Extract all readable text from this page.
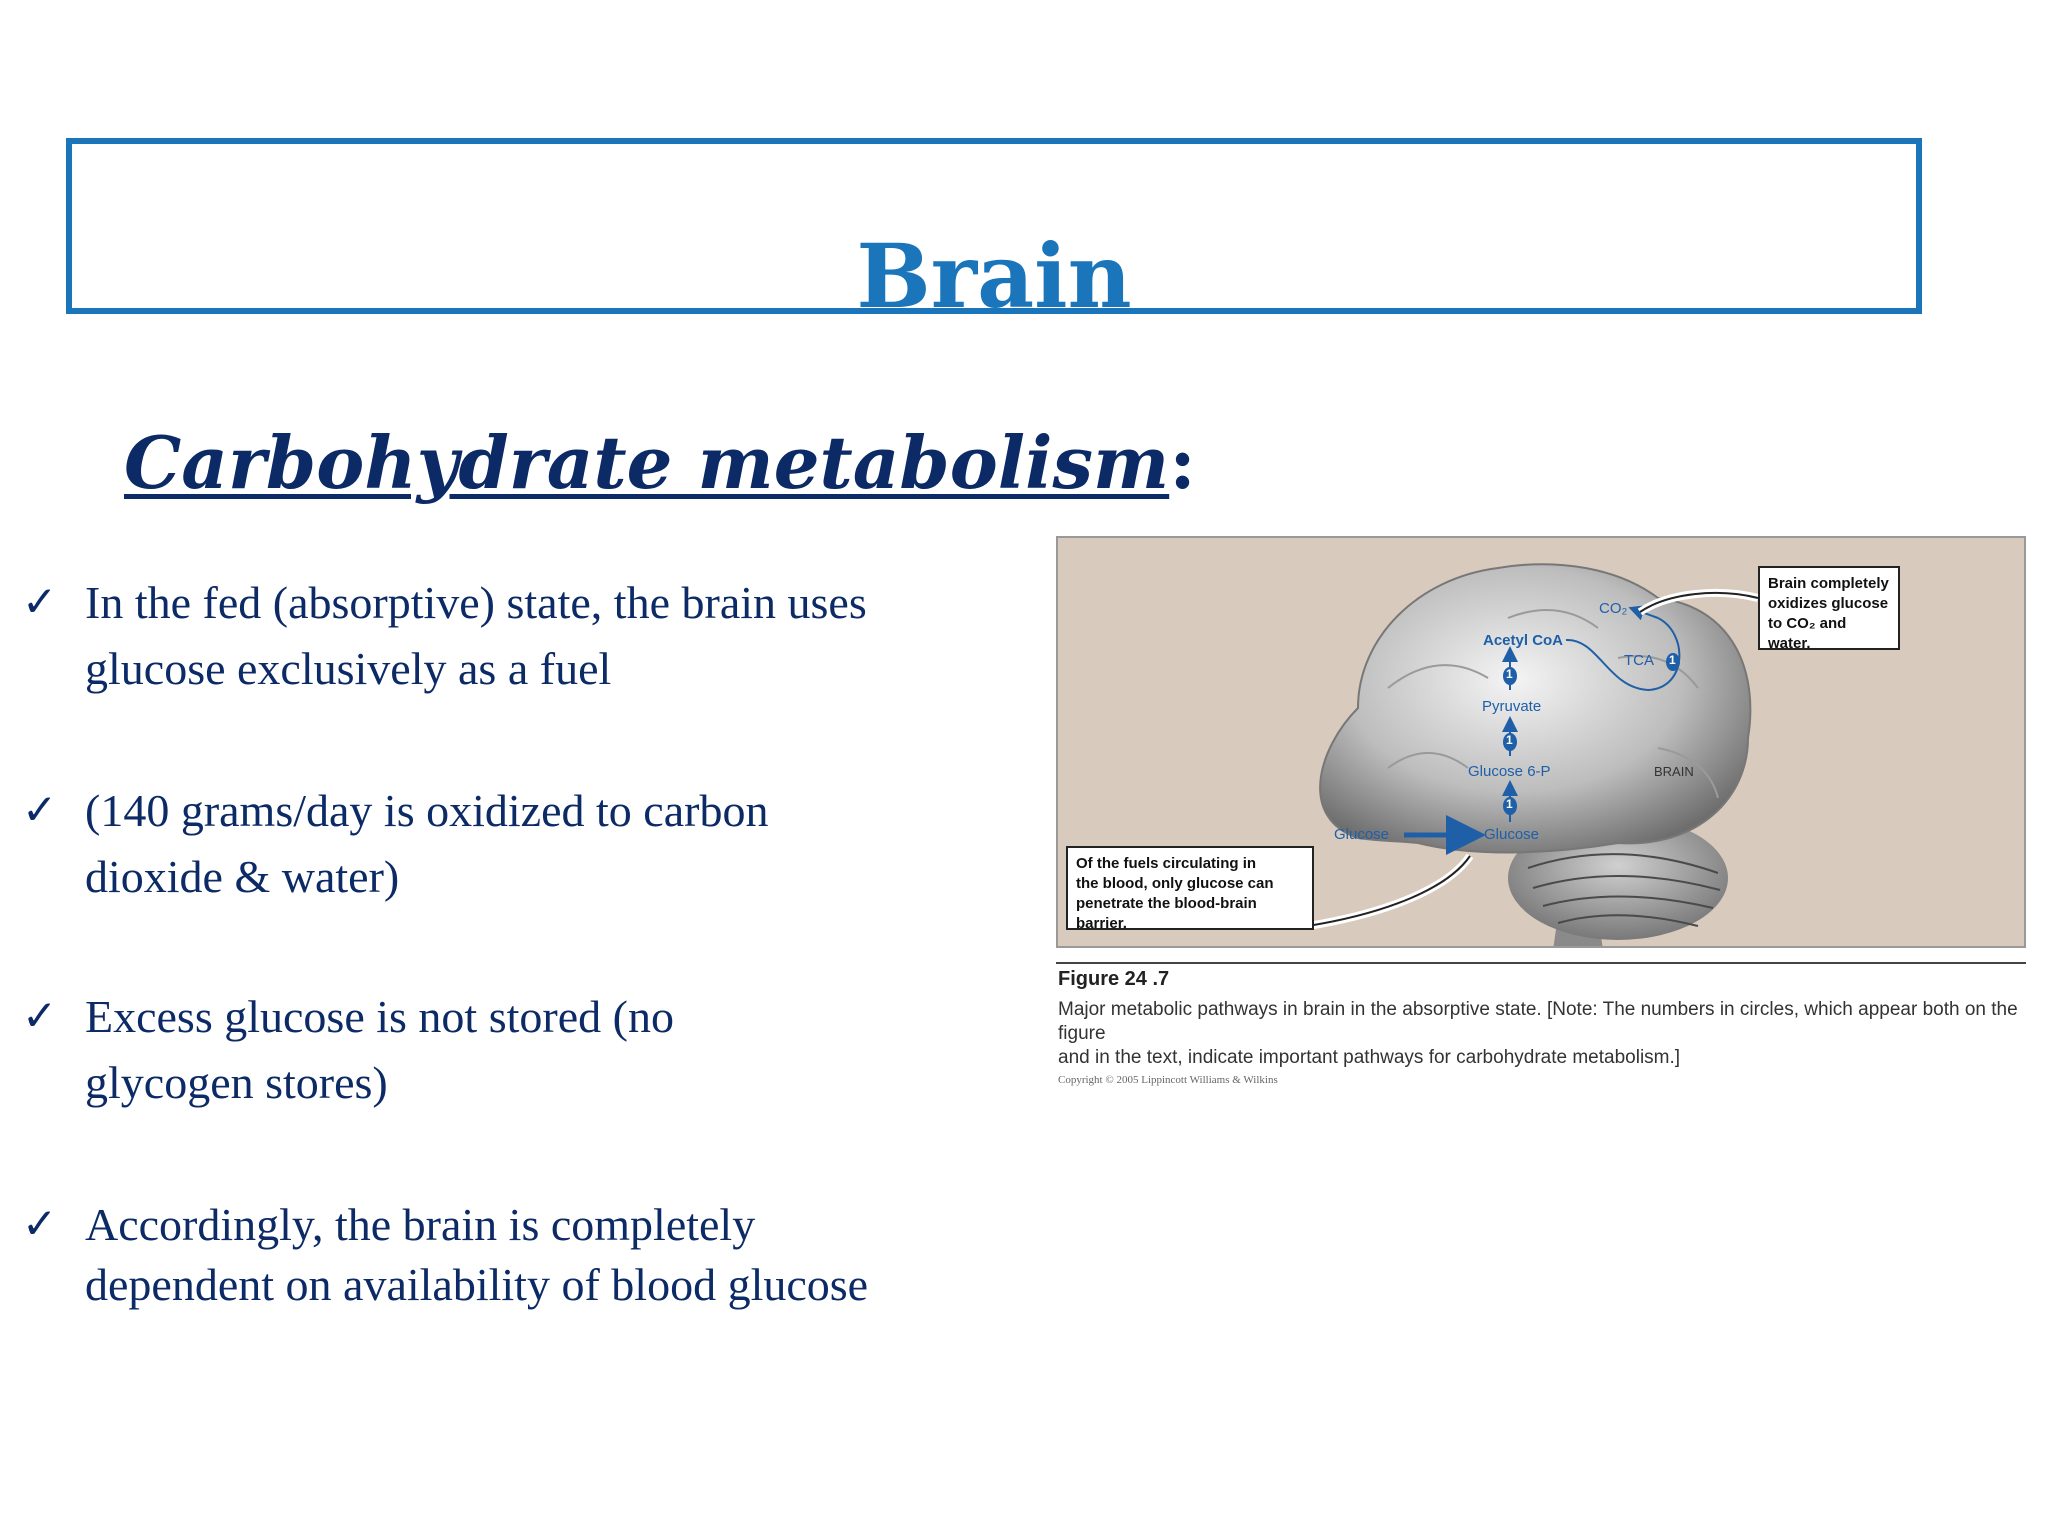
Brain
Carbohydrate metabolism:
✓ In the fed (absorptive) state, the brain uses
glucose exclusively as a fuel
✓ (140 grams/day is oxidized to carbon
dioxide & water)
✓ Excess glucose is not stored (no
glycogen stores)
✓ Accordingly, the brain is completely
dependent on availability of blood glucose
CO₂
Acetyl CoA
TCA
Pyruvate
Glucose 6-P
Glucose
Glucose
BRAIN
1
1
1
1
Brain completely
oxidizes glucose
to CO₂ and water.
Of the fuels circulating in
the blood, only glucose can
penetrate the blood-brain barrier.
Figure 24 .7
Major metabolic pathways in brain in the absorptive state. [Note: The numbers in circles, which appear both on the figure
and in the text, indicate important pathways for carbohydrate metabolism.]
Copyright © 2005 Lippincott Williams & Wilkins
